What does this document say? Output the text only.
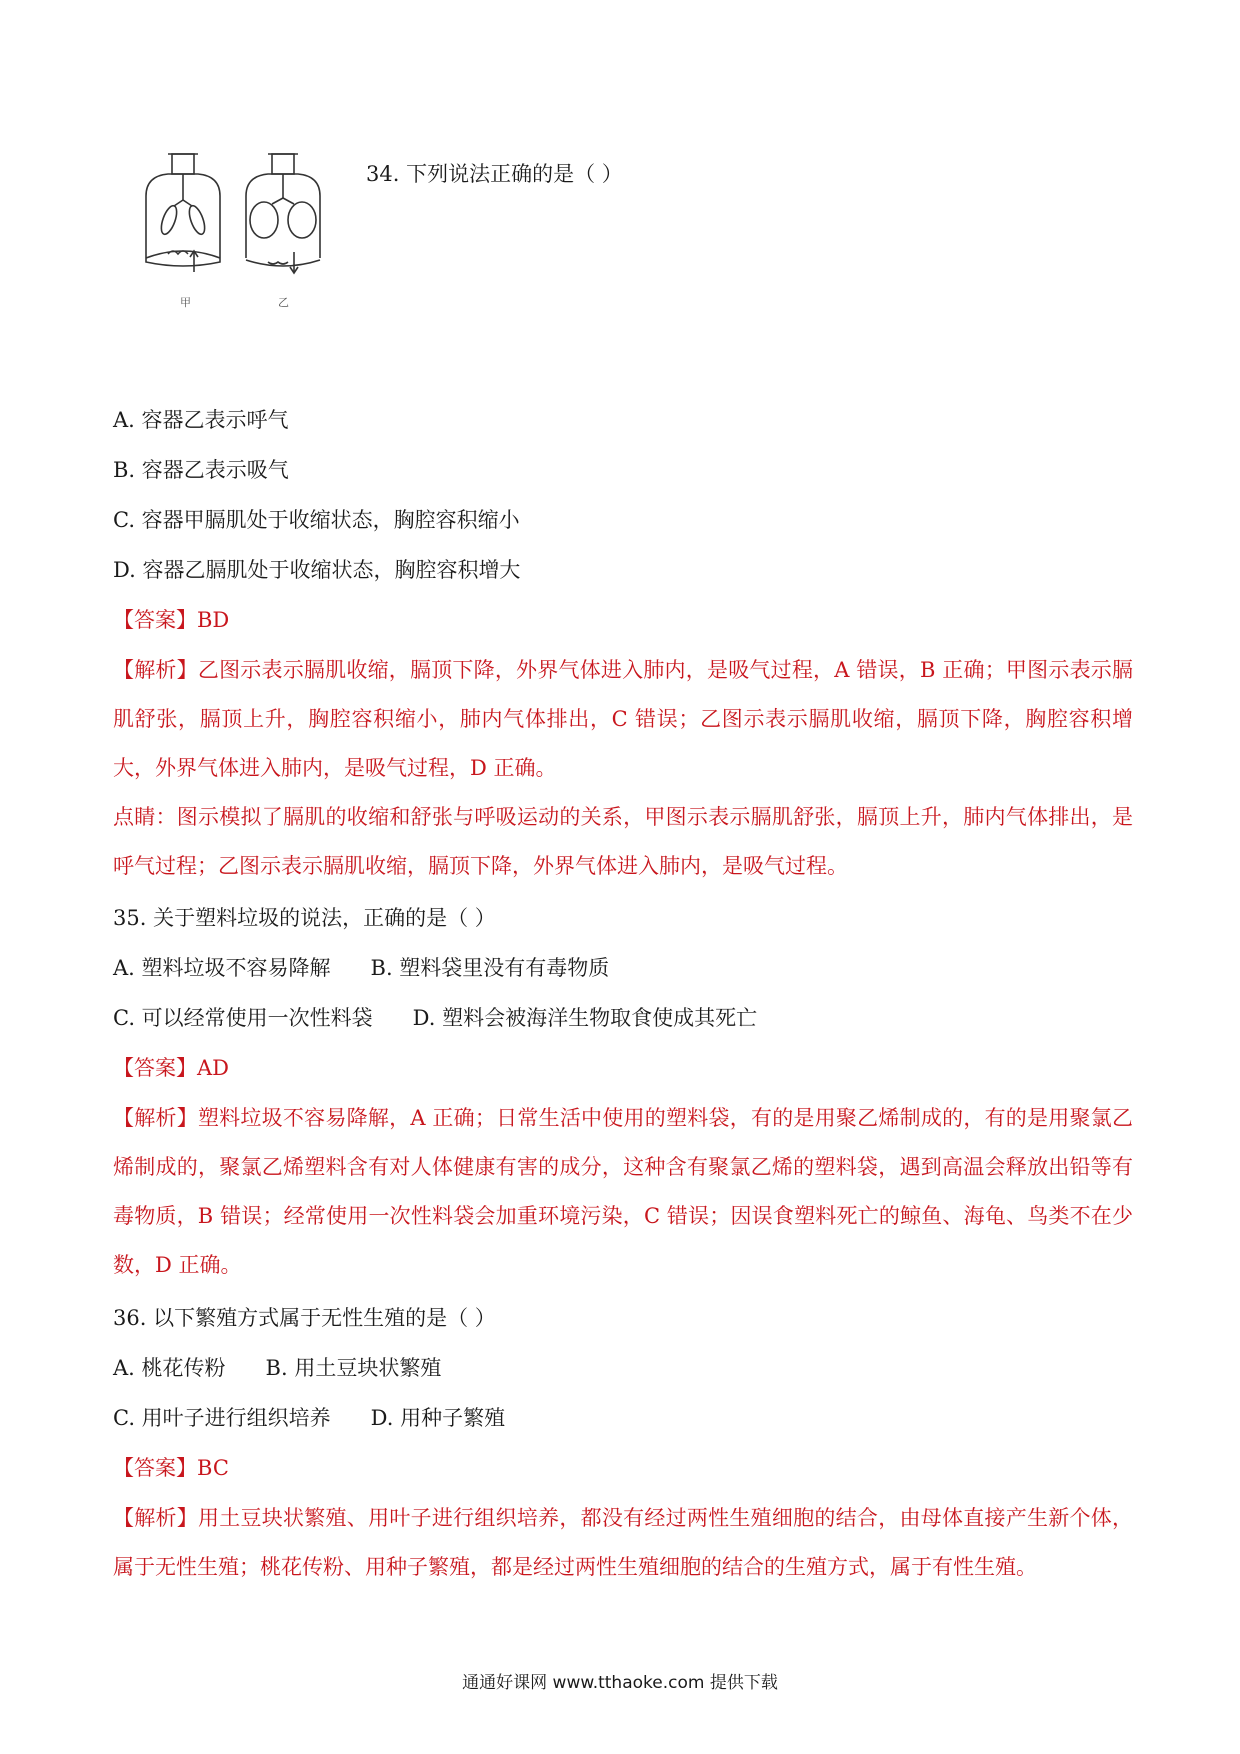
甲	乙
34. 下列说法正确的是（ ）
A. 容器乙表示呼气
B. 容器乙表示吸气
C. 容器甲膈肌处于收缩状态，胸腔容积缩小
D. 容器乙膈肌处于收缩状态，胸腔容积增大
【答案】BD
【解析】乙图示表示膈肌收缩，膈顶下降，外界气体进入肺内，是吸气过程，A 错误，B 正确；甲图示表示膈肌舒张，膈顶上升，胸腔容积缩小，肺内气体排出，C 错误；乙图示表示膈肌收缩，膈顶下降，胸腔容积增大，外界气体进入肺内，是吸气过程，D 正确。
点睛：图示模拟了膈肌的收缩和舒张与呼吸运动的关系，甲图示表示膈肌舒张，膈顶上升，肺内气体排出，是呼气过程；乙图示表示膈肌收缩，膈顶下降，外界气体进入肺内，是吸气过程。
35. 关于塑料垃圾的说法，正确的是（ ）
A. 塑料垃圾不容易降解 B. 塑料袋里没有有毒物质
C. 可以经常使用一次性料袋 D. 塑料会被海洋生物取食使成其死亡
【答案】AD
【解析】塑料垃圾不容易降解，A 正确；日常生活中使用的塑料袋，有的是用聚乙烯制成的，有的是用聚氯乙烯制成的，聚氯乙烯塑料含有对人体健康有害的成分，这种含有聚氯乙烯的塑料袋，遇到高温会释放出铅等有毒物质，B 错误；经常使用一次性料袋会加重环境污染，C 错误；因误食塑料死亡的鲸鱼、海龟、鸟类不在少数，D 正确。
36. 以下繁殖方式属于无性生殖的是（ ）
A. 桃花传粉 B. 用土豆块状繁殖
C. 用叶子进行组织培养 D. 用种子繁殖
【答案】BC
【解析】用土豆块状繁殖、用叶子进行组织培养，都没有经过两性生殖细胞的结合，由母体直接产生新个体，属于无性生殖；桃花传粉、用种子繁殖，都是经过两性生殖细胞的结合的生殖方式，属于有性生殖。
通通好课网 www.tthaoke.com 提供下载
